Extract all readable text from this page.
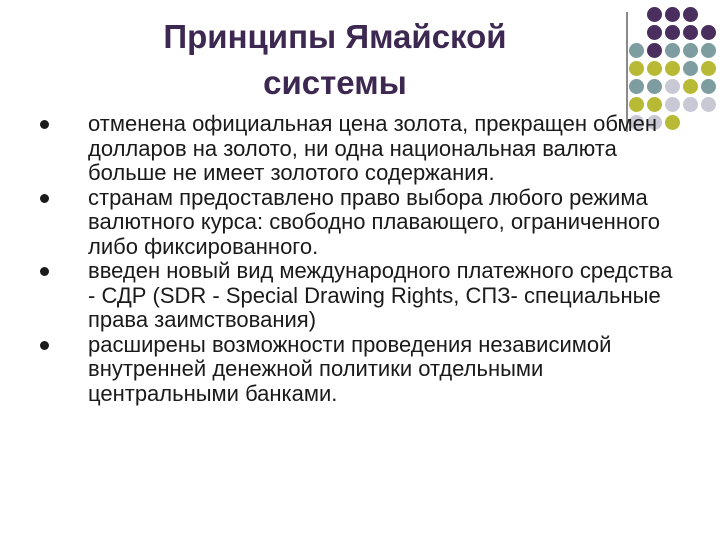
Принципы Ямайской
системы
отменена официальная цена золота, прекращен обмен долларов на золото, ни одна национальная валюта больше не имеет золотого содержания.
странам предоставлено право выбора любого режима валютного курса: свободно плавающего, ограниченного либо фиксированного.
введен новый вид международного платежного средства - СДР (SDR - Special Drawing Rights, СПЗ- специальные права заимствования)
расширены возможности проведения независимой внутренней денежной политики отдельными центральными банками.
